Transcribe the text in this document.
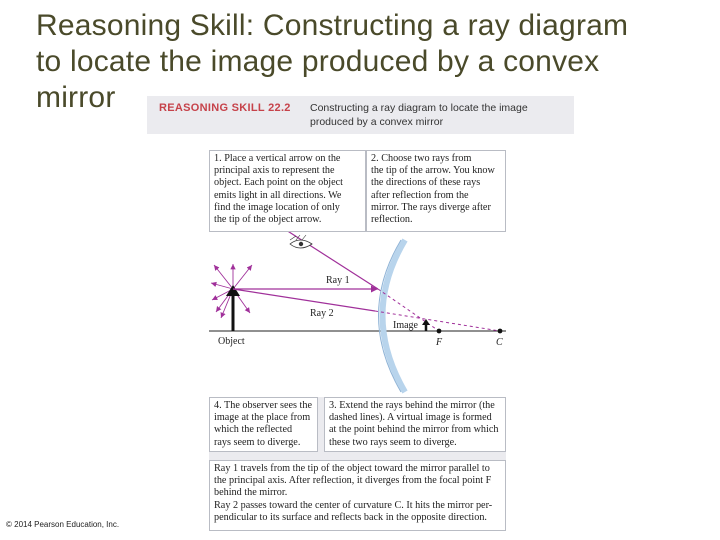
Reasoning Skill: Constructing a ray diagram
to locate the image produced by a convex
mirror	REASONING SKILL 22.2 Constructing a ray diagram to locate the image
produced by a convex mirror
Ray 1
Ray 2
Image
Object	F	C
1. Place a vertical arrow on the
principal axis to represent the
object. Each point on the object
emits light in all directions. We
find the image location of only
the tip of the object arrow.
2. Choose two rays from
the tip of the arrow. You know
the directions of these rays
after reflection from the
mirror. The rays diverge after
reflection.
4. The observer sees the
image at the place from
which the reflected
rays seem to diverge.
3. Extend the rays behind the mirror (the
dashed lines). A virtual image is formed
at the point behind the mirror from which
these two rays seem to diverge.
Ray 1 travels from the tip of the object toward the mirror parallel to
the principal axis. After reflection, it diverges from the focal point F
behind the mirror.
Ray 2 passes toward the center of curvature C. It hits the mirror per-
pendicular to its surface and reflects back in the opposite direction.
© 2014 Pearson Education, Inc.
